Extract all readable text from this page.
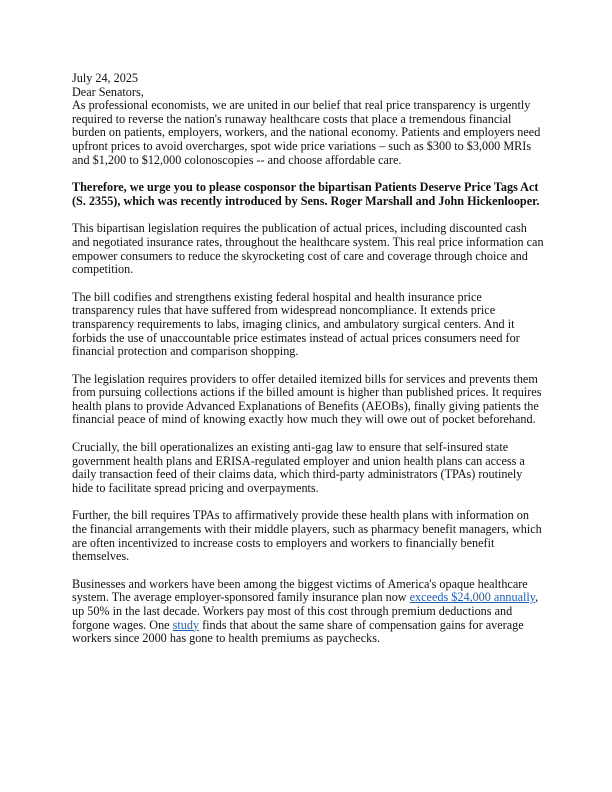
July 24, 2025

Dear Senators,

As professional economists, we are united in our belief that real price transparency is urgently required to reverse the nation's runaway healthcare costs that place a tremendous financial burden on patients, employers, workers, and the national economy. Patients and employers need upfront prices to avoid overcharges, spot wide price variations – such as $300 to $3,000 MRIs and $1,200 to $12,000 colonoscopies -- and choose affordable care.

Therefore, we urge you to please cosponsor the bipartisan Patients Deserve Price Tags Act (S. 2355), which was recently introduced by Sens. Roger Marshall and John Hickenlooper.

This bipartisan legislation requires the publication of actual prices, including discounted cash and negotiated insurance rates, throughout the healthcare system. This real price information can empower consumers to reduce the skyrocketing cost of care and coverage through choice and competition.

The bill codifies and strengthens existing federal hospital and health insurance price transparency rules that have suffered from widespread noncompliance. It extends price transparency requirements to labs, imaging clinics, and ambulatory surgical centers. And it forbids the use of unaccountable price estimates instead of actual prices consumers need for financial protection and comparison shopping.

The legislation requires providers to offer detailed itemized bills for services and prevents them from pursuing collections actions if the billed amount is higher than published prices. It requires health plans to provide Advanced Explanations of Benefits (AEOBs), finally giving patients the financial peace of mind of knowing exactly how much they will owe out of pocket beforehand.

Crucially, the bill operationalizes an existing anti-gag law to ensure that self-insured state government health plans and ERISA-regulated employer and union health plans can access a daily transaction feed of their claims data, which third-party administrators (TPAs) routinely hide to facilitate spread pricing and overpayments.

Further, the bill requires TPAs to affirmatively provide these health plans with information on the financial arrangements with their middle players, such as pharmacy benefit managers, which are often incentivized to increase costs to employers and workers to financially benefit themselves.

Businesses and workers have been among the biggest victims of America's opaque healthcare system. The average employer-sponsored family insurance plan now exceeds $24,000 annually, up 50% in the last decade. Workers pay most of this cost through premium deductions and forgone wages. One study finds that about the same share of compensation gains for average workers since 2000 has gone to health premiums as paychecks.
